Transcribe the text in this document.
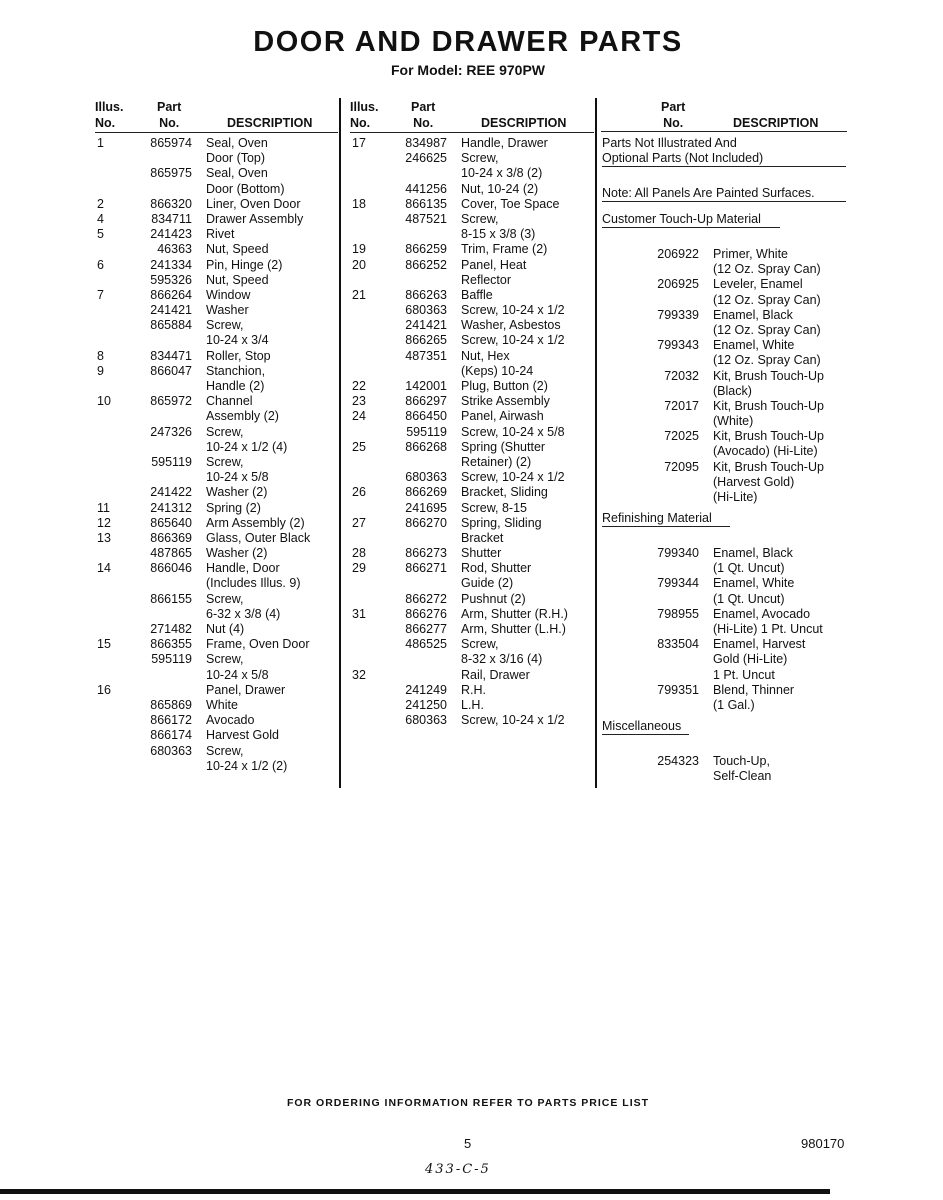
DOOR AND DRAWER PARTS
For Model: REE 970PW
Illus.
No.
Part
No.	DESCRIPTION
Illus.
No.
Part
No.	DESCRIPTION
Part
No.	DESCRIPTION
1	865974 Seal, Oven
Door (Top)
865975 Seal, Oven
Door (Bottom)
2	866320 Liner, Oven Door
4	834711 Drawer Assembly
5	241423 Rivet
46363 Nut, Speed
6	241334 Pin, Hinge (2)
595326 Nut, Speed
7	866264 Window
241421 Washer
865884 Screw,
10-24 x 3/4
8	834471 Roller, Stop
9	866047 Stanchion,
Handle (2)
10	865972 Channel
Assembly (2)
247326 Screw,
10-24 x 1/2 (4)
595119 Screw,
10-24 x 5/8
241422 Washer (2)
11	241312 Spring (2)
12	865640 Arm Assembly (2)
13	866369 Glass, Outer Black
487865 Washer (2)
14	866046 Handle, Door
(Includes Illus. 9)
866155 Screw,
6-32 x 3/8 (4)
271482 Nut (4)
15	866355 Frame, Oven Door
595119 Screw,
10-24 x 5/8
16	Panel, Drawer
865869 White
866172 Avocado
866174 Harvest Gold
680363 Screw,
10-24 x 1/2 (2)
17	834987 Handle, Drawer
246625 Screw,
10-24 x 3/8 (2)
441256 Nut, 10-24 (2)
18	866135 Cover, Toe Space
487521 Screw,
8-15 x 3/8 (3)
19	866259 Trim, Frame (2)
20	866252 Panel, Heat
Reflector
21	866263 Baffle
680363 Screw, 10-24 x 1/2
241421 Washer, Asbestos
866265 Screw, 10-24 x 1/2
487351 Nut, Hex
(Keps) 10-24
22	142001 Plug, Button (2)
23	866297 Strike Assembly
24	866450 Panel, Airwash
595119 Screw, 10-24 x 5/8
25	866268 Spring (Shutter
Retainer) (2)
680363 Screw, 10-24 x 1/2
26	866269 Bracket, Sliding
241695 Screw, 8-15
27	866270 Spring, Sliding
Bracket
28	866273 Shutter
29	866271 Rod, Shutter
Guide (2)
866272 Pushnut (2)
31	866276 Arm, Shutter (R.H.)
866277 Arm, Shutter (L.H.)
486525 Screw,
8-32 x 3/16 (4)
32	Rail, Drawer
241249 R.H.
241250 L.H.
680363 Screw, 10-24 x 1/2
Parts Not Illustrated And
Optional Parts (Not Included)
Note: All Panels Are Painted Surfaces.
Customer Touch-Up Material
206922 Primer, White
(12 Oz. Spray Can)
206925 Leveler, Enamel
(12 Oz. Spray Can)
799339 Enamel, Black
(12 Oz. Spray Can)
799343 Enamel, White
(12 Oz. Spray Can)
72032 Kit, Brush Touch-Up
(Black)
72017 Kit, Brush Touch-Up
(White)
72025 Kit, Brush Touch-Up
(Avocado) (Hi-Lite)
72095 Kit, Brush Touch-Up
(Harvest Gold)
(Hi-Lite)
Refinishing Material
799340 Enamel, Black
(1 Qt. Uncut)
799344 Enamel, White
(1 Qt. Uncut)
798955 Enamel, Avocado
(Hi-Lite) 1 Pt. Uncut
833504 Enamel, Harvest
Gold (Hi-Lite)
1 Pt. Uncut
799351 Blend, Thinner
(1 Gal.)
Miscellaneous
254323 Touch-Up,
Self-Clean
FOR ORDERING INFORMATION REFER TO PARTS PRICE LIST
5	980170
433-C-5
